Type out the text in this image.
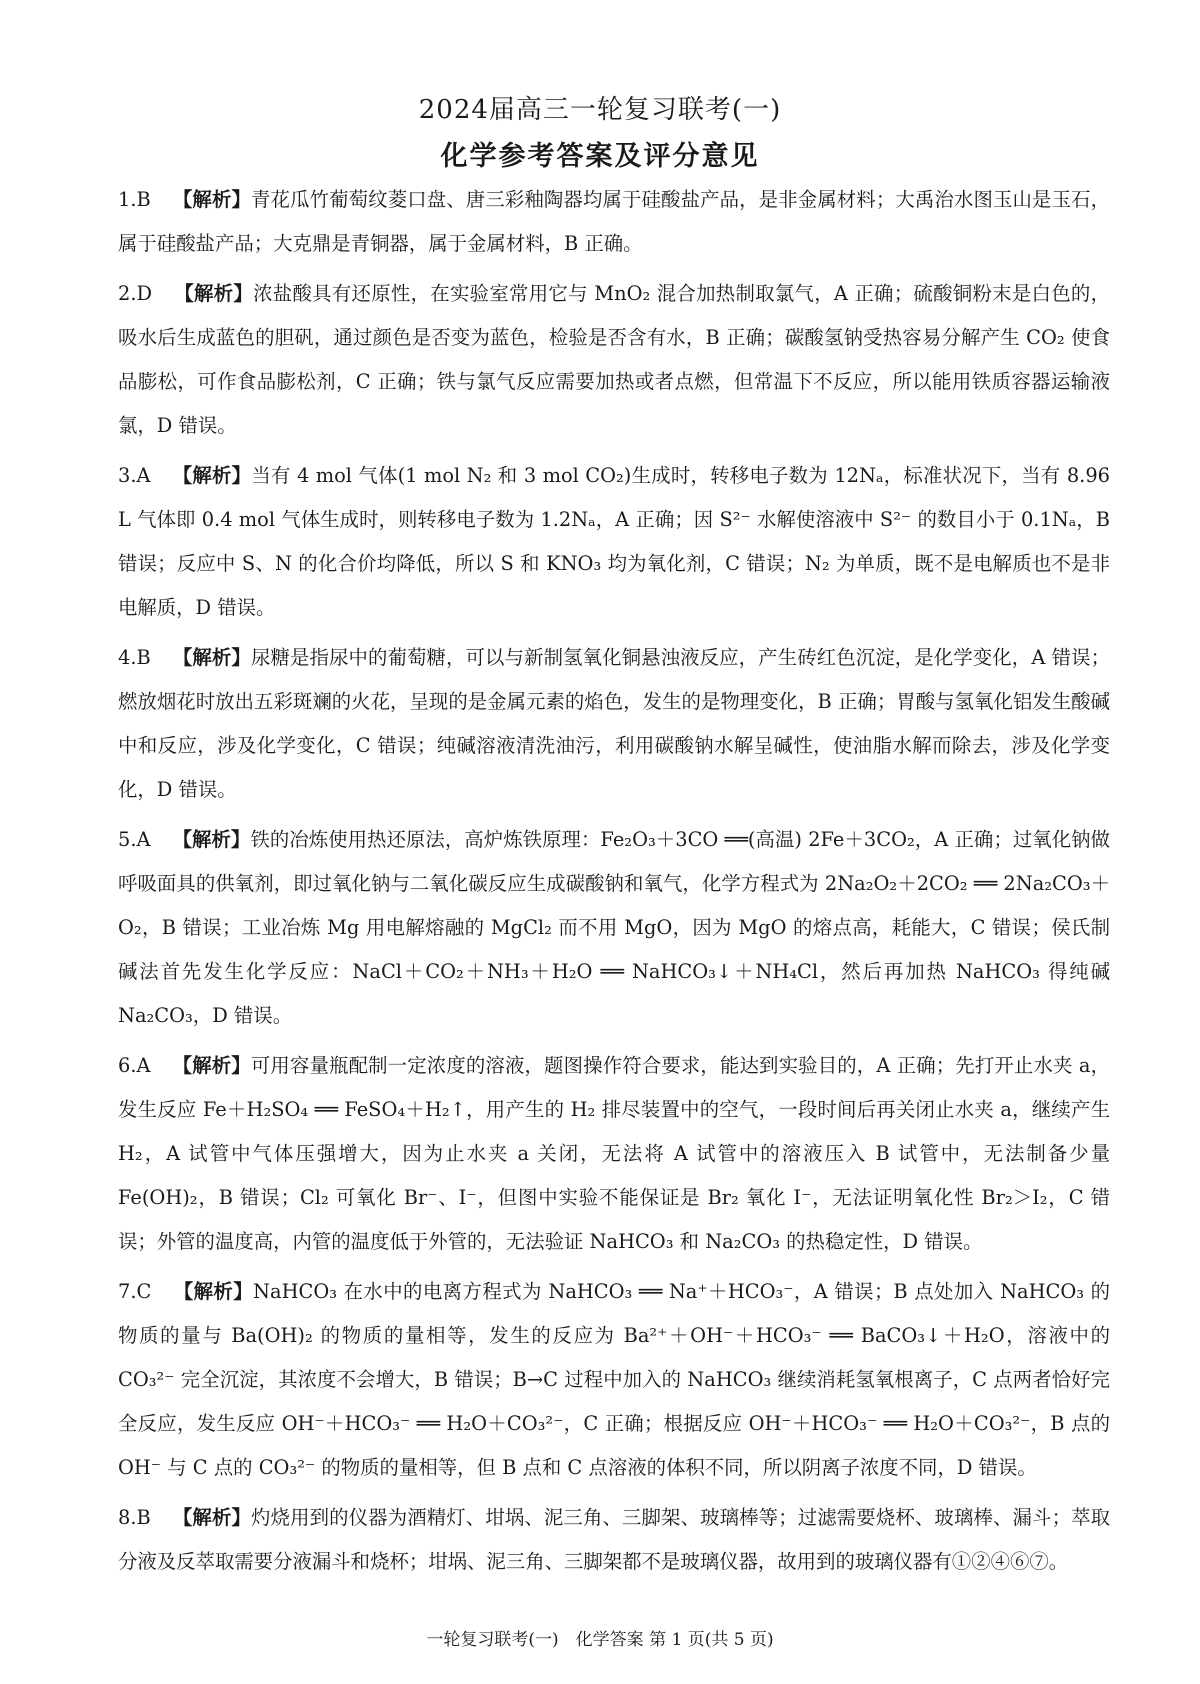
2024届高三一轮复习联考(一)
化学参考答案及评分意见

1.B 【解析】青花瓜竹葡萄纹菱口盘、唐三彩釉陶器均属于硅酸盐产品，是非金属材料；大禹治水图玉山是玉石，属于硅酸盐产品；大克鼎是青铜器，属于金属材料，B 正确。

2.D 【解析】浓盐酸具有还原性，在实验室常用它与 MnO₂ 混合加热制取氯气，A 正确；硫酸铜粉末是白色的，吸水后生成蓝色的胆矾，通过颜色是否变为蓝色，检验是否含有水，B 正确；碳酸氢钠受热容易分解产生 CO₂ 使食品膨松，可作食品膨松剂，C 正确；铁与氯气反应需要加热或者点燃，但常温下不反应，所以能用铁质容器运输液氯，D 错误。

3.A 【解析】当有 4 mol 气体(1 mol N₂ 和 3 mol CO₂)生成时，转移电子数为 12Nₐ，标准状况下，当有 8.96 L 气体即 0.4 mol 气体生成时，则转移电子数为 1.2Nₐ，A 正确；因 S²⁻ 水解使溶液中 S²⁻ 的数目小于 0.1Nₐ，B 错误；反应中 S、N 的化合价均降低，所以 S 和 KNO₃ 均为氧化剂，C 错误；N₂ 为单质，既不是电解质也不是非电解质，D 错误。

4.B 【解析】尿糖是指尿中的葡萄糖，可以与新制氢氧化铜悬浊液反应，产生砖红色沉淀，是化学变化，A 错误；燃放烟花时放出五彩斑斓的火花，呈现的是金属元素的焰色，发生的是物理变化，B 正确；胃酸与氢氧化铝发生酸碱中和反应，涉及化学变化，C 错误；纯碱溶液清洗油污，利用碳酸钠水解呈碱性，使油脂水解而除去，涉及化学变化，D 错误。

5.A 【解析】铁的冶炼使用热还原法，高炉炼铁原理：Fe₂O₃＋3CO ══(高温) 2Fe＋3CO₂，A 正确；过氧化钠做呼吸面具的供氧剂，即过氧化钠与二氧化碳反应生成碳酸钠和氧气，化学方程式为 2Na₂O₂＋2CO₂ ══ 2Na₂CO₃＋O₂，B 错误；工业冶炼 Mg 用电解熔融的 MgCl₂ 而不用 MgO，因为 MgO 的熔点高，耗能大，C 错误；侯氏制碱法首先发生化学反应：NaCl＋CO₂＋NH₃＋H₂O ══ NaHCO₃↓＋NH₄Cl，然后再加热 NaHCO₃ 得纯碱 Na₂CO₃，D 错误。

6.A 【解析】可用容量瓶配制一定浓度的溶液，题图操作符合要求，能达到实验目的，A 正确；先打开止水夹 a，发生反应 Fe＋H₂SO₄ ══ FeSO₄＋H₂↑，用产生的 H₂ 排尽装置中的空气，一段时间后再关闭止水夹 a，继续产生 H₂，A 试管中气体压强增大，因为止水夹 a 关闭，无法将 A 试管中的溶液压入 B 试管中，无法制备少量 Fe(OH)₂，B 错误；Cl₂ 可氧化 Br⁻、I⁻，但图中实验不能保证是 Br₂ 氧化 I⁻，无法证明氧化性 Br₂＞I₂，C 错误；外管的温度高，内管的温度低于外管的，无法验证 NaHCO₃ 和 Na₂CO₃ 的热稳定性，D 错误。

7.C 【解析】NaHCO₃ 在水中的电离方程式为 NaHCO₃ ══ Na⁺＋HCO₃⁻，A 错误；B 点处加入 NaHCO₃ 的物质的量与 Ba(OH)₂ 的物质的量相等，发生的反应为 Ba²⁺＋OH⁻＋HCO₃⁻ ══ BaCO₃↓＋H₂O，溶液中的 CO₃²⁻ 完全沉淀，其浓度不会增大，B 错误；B→C 过程中加入的 NaHCO₃ 继续消耗氢氧根离子，C 点两者恰好完全反应，发生反应 OH⁻＋HCO₃⁻ ══ H₂O＋CO₃²⁻，C 正确；根据反应 OH⁻＋HCO₃⁻ ══ H₂O＋CO₃²⁻，B 点的 OH⁻ 与 C 点的 CO₃²⁻ 的物质的量相等，但 B 点和 C 点溶液的体积不同，所以阴离子浓度不同，D 错误。

8.B 【解析】灼烧用到的仪器为酒精灯、坩埚、泥三角、三脚架、玻璃棒等；过滤需要烧杯、玻璃棒、漏斗；萃取分液及反萃取需要分液漏斗和烧杯；坩埚、泥三角、三脚架都不是玻璃仪器，故用到的玻璃仪器有①②④⑥⑦。

一轮复习联考(一)　化学答案 第 1 页(共 5 页)
